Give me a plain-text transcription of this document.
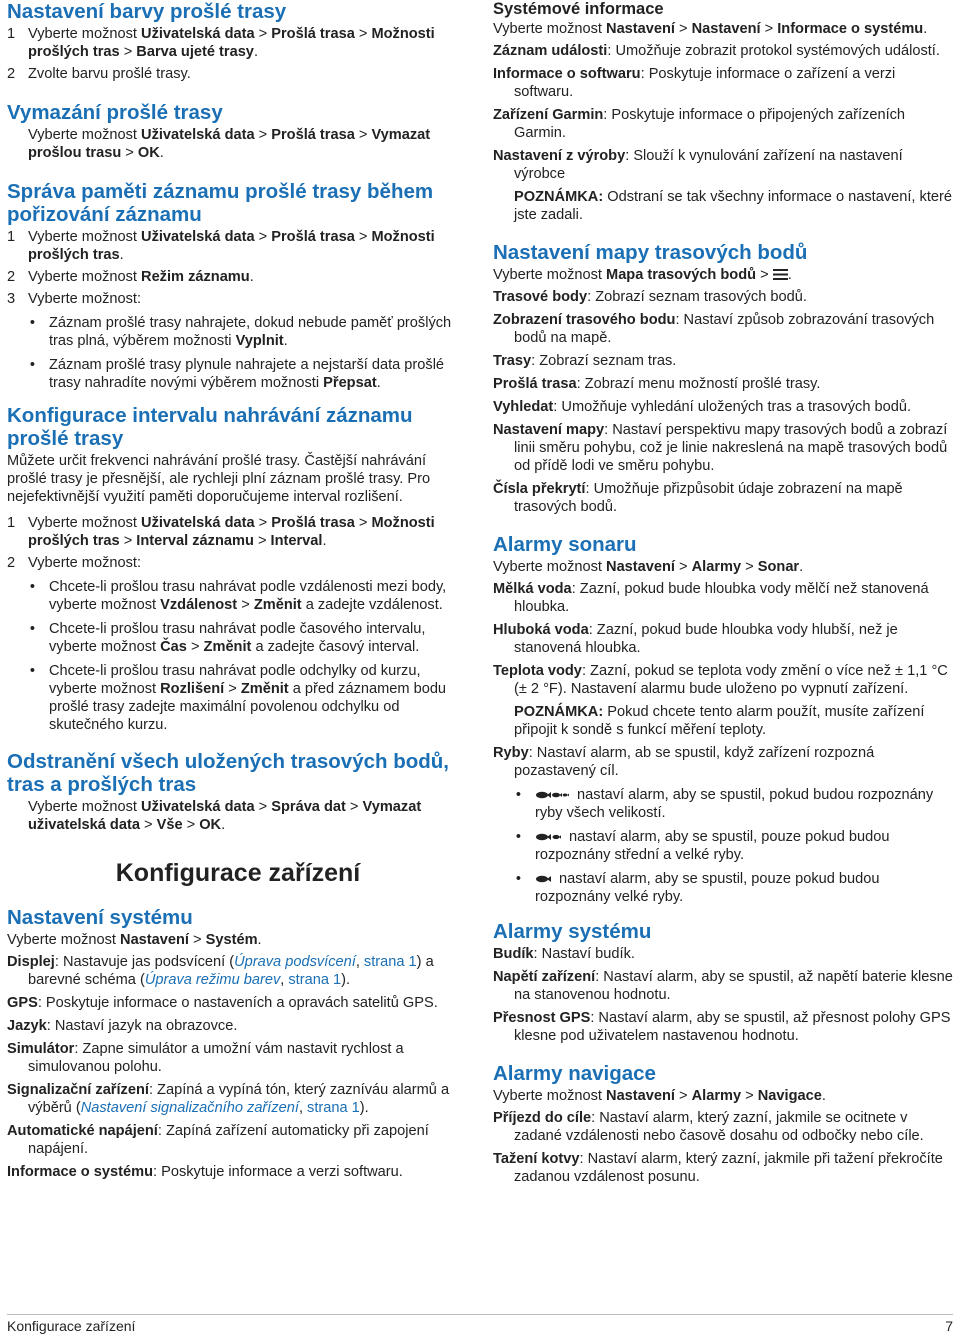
Nastavení barvy prošlé trasy
1 Vyberte možnost Uživatelská data > Prošlá trasa > Možnosti prošlých tras > Barva ujeté trasy.
2 Zvolte barvu prošlé trasy.
Vymazání prošlé trasy
Vyberte možnost Uživatelská data > Prošlá trasa > Vymazat prošlou trasu > OK.
Správa paměti záznamu prošlé trasy během pořizování záznamu
1 Vyberte možnost Uživatelská data > Prošlá trasa > Možnosti prošlých tras.
2 Vyberte možnost Režim záznamu.
3 Vyberte možnost:
• Záznam prošlé trasy nahrajete, dokud nebude paměť prošlých tras plná, výběrem možnosti Vyplnit.
• Záznam prošlé trasy plynule nahrajete a nejstarší data prošlé trasy nahradíte novými výběrem možnosti Přepsat.
Konfigurace intervalu nahrávání záznamu prošlé trasy
Můžete určit frekvenci nahrávání prošlé trasy. Častější nahrávání prošlé trasy je přesnější, ale rychleji plní záznam prošlé trasy. Pro nejefektivnější využití paměti doporučujeme interval rozlišení.
1 Vyberte možnost Uživatelská data > Prošlá trasa > Možnosti prošlých tras > Interval záznamu > Interval.
2 Vyberte možnost:
• Chcete-li prošlou trasu nahrávat podle vzdálenosti mezi body, vyberte možnost Vzdálenost > Změnit a zadejte vzdálenost.
• Chcete-li prošlou trasu nahrávat podle časového intervalu, vyberte možnost Čas > Změnit a zadejte časový interval.
• Chcete-li prošlou trasu nahrávat podle odchylky od kurzu, vyberte možnost Rozlišení > Změnit a před záznamem bodu prošlé trasy zadejte maximální povolenou odchylku od skutečného kurzu.
Odstranění všech uložených trasových bodů, tras a prošlých tras
Vyberte možnost Uživatelská data > Správa dat > Vymazat uživatelská data > Vše > OK.
Konfigurace zařízení
Nastavení systému
Vyberte možnost Nastavení > Systém.
Displej: Nastavuje jas podsvícení (Úprava podsvícení, strana 1) a barevné schéma (Úprava režimu barev, strana 1).
GPS: Poskytuje informace o nastaveních a opravách satelitů GPS.
Jazyk: Nastaví jazyk na obrazovce.
Simulátor: Zapne simulátor a umožní vám nastavit rychlost a simulovanou polohu.
Signalizační zařízení: Zapíná a vypíná tón, který zazníváu alarmů a výběrů (Nastavení signalizačního zařízení, strana 1).
Automatické napájení: Zapíná zařízení automaticky při zapojení napájení.
Informace o systému: Poskytuje informace a verzi softwaru.
Systémové informace
Vyberte možnost Nastavení > Nastavení > Informace o systému.
Záznam události: Umožňuje zobrazit protokol systémových událostí.
Informace o softwaru: Poskytuje informace o zařízení a verzi softwaru.
Zařízení Garmin: Poskytuje informace o připojených zařízeních Garmin.
Nastavení z výroby: Slouží k vynulování zařízení na nastavení výrobce
POZNÁMKA: Odstraní se tak všechny informace o nastavení, které jste zadali.
Nastavení mapy trasových bodů
Vyberte možnost Mapa trasových bodů > .
Trasové body: Zobrazí seznam trasových bodů.
Zobrazení trasového bodu: Nastaví způsob zobrazování trasových bodů na mapě.
Trasy: Zobrazí seznam tras.
Prošlá trasa: Zobrazí menu možností prošlé trasy.
Vyhledat: Umožňuje vyhledání uložených tras a trasových bodů.
Nastavení mapy: Nastaví perspektivu mapy trasových bodů a zobrazí linii směru pohybu, což je linie nakreslená na mapě trasových bodů od přídě lodi ve směru pohybu.
Čísla překrytí: Umožňuje přizpůsobit údaje zobrazení na mapě trasových bodů.
Alarmy sonaru
Vyberte možnost Nastavení > Alarmy > Sonar.
Mělká voda: Zazní, pokud bude hloubka vody mělčí než stanovená hloubka.
Hluboká voda: Zazní, pokud bude hloubka vody hlubší, než je stanovená hloubka.
Teplota vody: Zazní, pokud se teplota vody změní o více než ± 1,1 °C (± 2 °F). Nastavení alarmu bude uloženo po vypnutí zařízení.
POZNÁMKA: Pokud chcete tento alarm použít, musíte zařízení připojit k sondě s funkcí měření teploty.
Ryby: Nastaví alarm, ab se spustil, když zařízení rozpozná pozastavený cíl.
•	nastaví alarm, aby se spustil, pokud budou rozpoznány ryby všech velikostí.
•	nastaví alarm, aby se spustil, pouze pokud budou rozpoznány střední a velké ryby.
•	nastaví alarm, aby se spustil, pouze pokud budou rozpoznány velké ryby.
Alarmy systému
Budík: Nastaví budík.
Napětí zařízení: Nastaví alarm, aby se spustil, až napětí baterie klesne na stanovenou hodnotu.
Přesnost GPS: Nastaví alarm, aby se spustil, až přesnost polohy GPS klesne pod uživatelem nastavenou hodnotu.
Alarmy navigace
Vyberte možnost Nastavení > Alarmy > Navigace.
Příjezd do cíle: Nastaví alarm, který zazní, jakmile se ocitnete v zadané vzdálenosti nebo časově dosahu od odbočky nebo cíle.
Tažení kotvy: Nastaví alarm, který zazní, jakmile při tažení překročíte zadanou vzdálenost posunu.
Konfigurace zařízení	7
